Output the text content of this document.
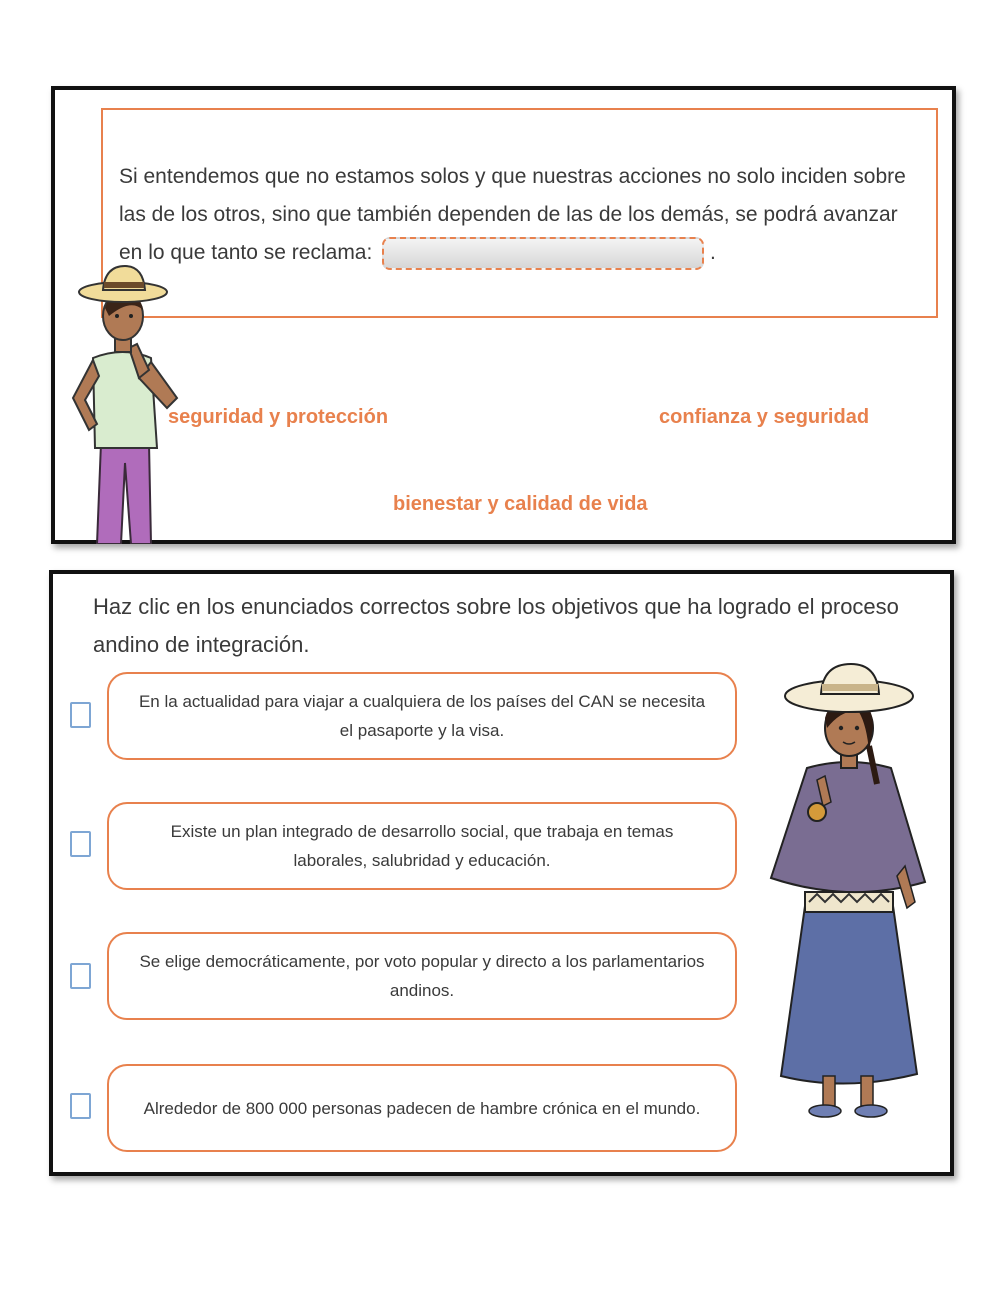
Si entendemos que no estamos solos y que nuestras acciones no solo inciden sobre las de los otros, sino que también dependen de las de los demás, se podrá avanzar en lo que tanto se reclama:	.

seguridad y protección	confianza y seguridad
bienestar y calidad de vida

Haz clic en los enunciados correctos sobre los objetivos que ha logrado el proceso andino de integración.

En la actualidad para viajar a cualquiera de los países del CAN se necesita el pasaporte y la visa.
Existe un plan integrado de desarrollo social, que trabaja en temas laborales, salubridad y educación.
Se elige democráticamente, por voto popular y directo a los parlamentarios andinos.
Alrededor de 800 000 personas padecen de hambre crónica en el mundo.
